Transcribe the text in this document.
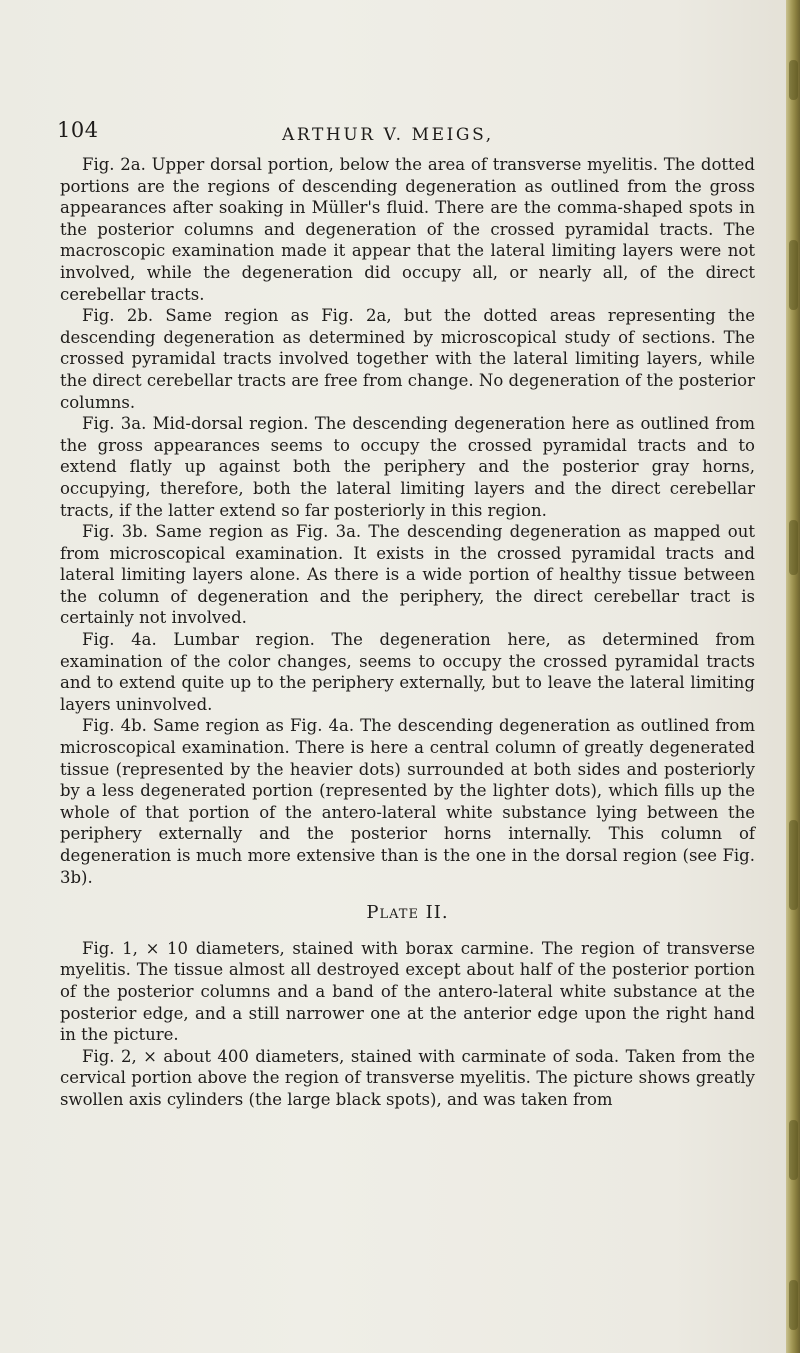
104	ARTHUR V. MEIGS,

Fig. 2a. Upper dorsal portion, below the area of transverse myelitis. The dotted portions are the regions of descending degeneration as outlined from the gross appearances after soaking in Müller's fluid. There are the comma-shaped spots in the posterior columns and degeneration of the crossed pyramidal tracts. The macroscopic examination made it appear that the lateral limiting layers were not involved, while the degeneration did occupy all, or nearly all, of the direct cerebellar tracts.

Fig. 2b. Same region as Fig. 2a, but the dotted areas representing the descending degeneration as determined by microscopical study of sections. The crossed pyramidal tracts involved together with the lateral limiting layers, while the direct cerebellar tracts are free from change. No degeneration of the posterior columns.

Fig. 3a. Mid-dorsal region. The descending degeneration here as outlined from the gross appearances seems to occupy the crossed pyramidal tracts and to extend flatly up against both the periphery and the posterior gray horns, occupying, therefore, both the lateral limiting layers and the direct cerebellar tracts, if the latter extend so far posteriorly in this region.

Fig. 3b. Same region as Fig. 3a. The descending degeneration as mapped out from microscopical examination. It exists in the crossed pyramidal tracts and lateral limiting layers alone. As there is a wide portion of healthy tissue between the column of degeneration and the periphery, the direct cerebellar tract is certainly not involved.

Fig. 4a. Lumbar region. The degeneration here, as determined from examination of the color changes, seems to occupy the crossed pyramidal tracts and to extend quite up to the periphery externally, but to leave the lateral limiting layers uninvolved.

Fig. 4b. Same region as Fig. 4a. The descending degeneration as outlined from microscopical examination. There is here a central column of greatly degenerated tissue (represented by the heavier dots) surrounded at both sides and posteriorly by a less degenerated portion (represented by the lighter dots), which fills up the whole of that portion of the antero-lateral white substance lying between the periphery externally and the posterior horns internally. This column of degeneration is much more extensive than is the one in the dorsal region (see Fig. 3b).

Plate II.

Fig. 1, × 10 diameters, stained with borax carmine. The region of transverse myelitis. The tissue almost all destroyed except about half of the posterior portion of the posterior columns and a band of the antero-lateral white substance at the posterior edge, and a still narrower one at the anterior edge upon the right hand in the picture.

Fig. 2, × about 400 diameters, stained with carminate of soda. Taken from the cervical portion above the region of transverse myelitis. The picture shows greatly swollen axis cylinders (the large black spots), and was taken from
